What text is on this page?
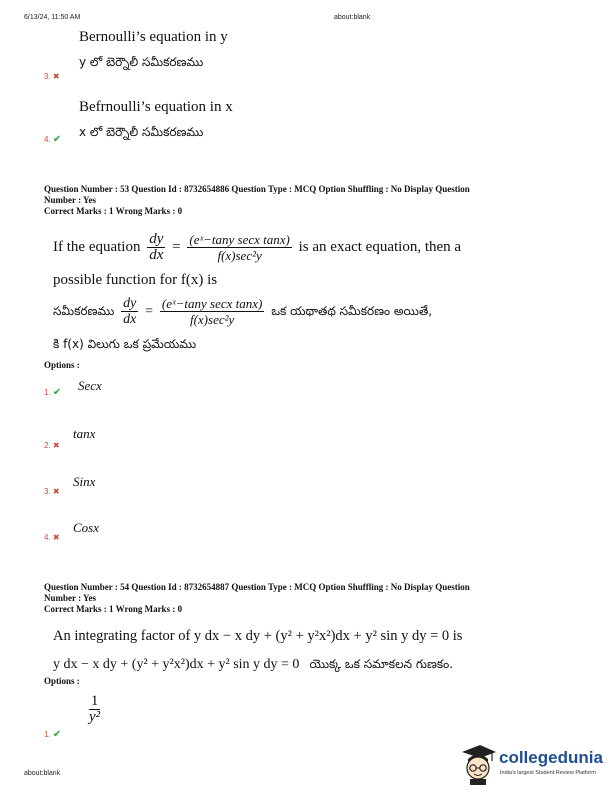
6/13/24, 11:50 AM	about:blank
Bernoulli’s equation in y
y లో బెర్నౌలీ సమీకరణము
3. ✖
Befrnoulli’s equation in x
x లో బెర్నౌలీ సమీకరణము
4. ✔
Question Number : 53 Question Id : 8732654886 Question Type : MCQ Option Shuffling : No Display Question
Number : Yes
Correct Marks : 1 Wrong Marks : 0
If the equation $\frac{dy}{dx} = \frac{\text{(eˣ−tany secx tanx)}}{\text{f(x)sec²y}}$ is an exact equation, then a
possible function for f(x) is
సమీకరణము $\frac{dy}{dx} = \frac{\text{(eˣ−tany secx tanx)}}{\text{f(x)sec²y}}$ ఒక యథాతథ సమీకరణం అయితే,
కి f(x) విలుగు ఒక ప్రమేయము
Options :
Secx
1. ✔
tanx
2. ✖
Sinx
3. ✖
Cosx
4. ✖
Question Number : 54 Question Id : 8732654887 Question Type : MCQ Option Shuffling : No Display Question
Number : Yes
Correct Marks : 1 Wrong Marks : 0
An integrating factor of y dx − x dy + (y² + y²x²)dx + y² sin y dy = 0 is
y dx − x dy + (y² + y²x²)dx + y² sin y dy = 0 యొక్క ఒక సమాకలన గుణకం.
Options :
$\frac{1}{\text{y²}}$
1. ✔
about:blank
collegedunia
India's largest Student Review Platform
